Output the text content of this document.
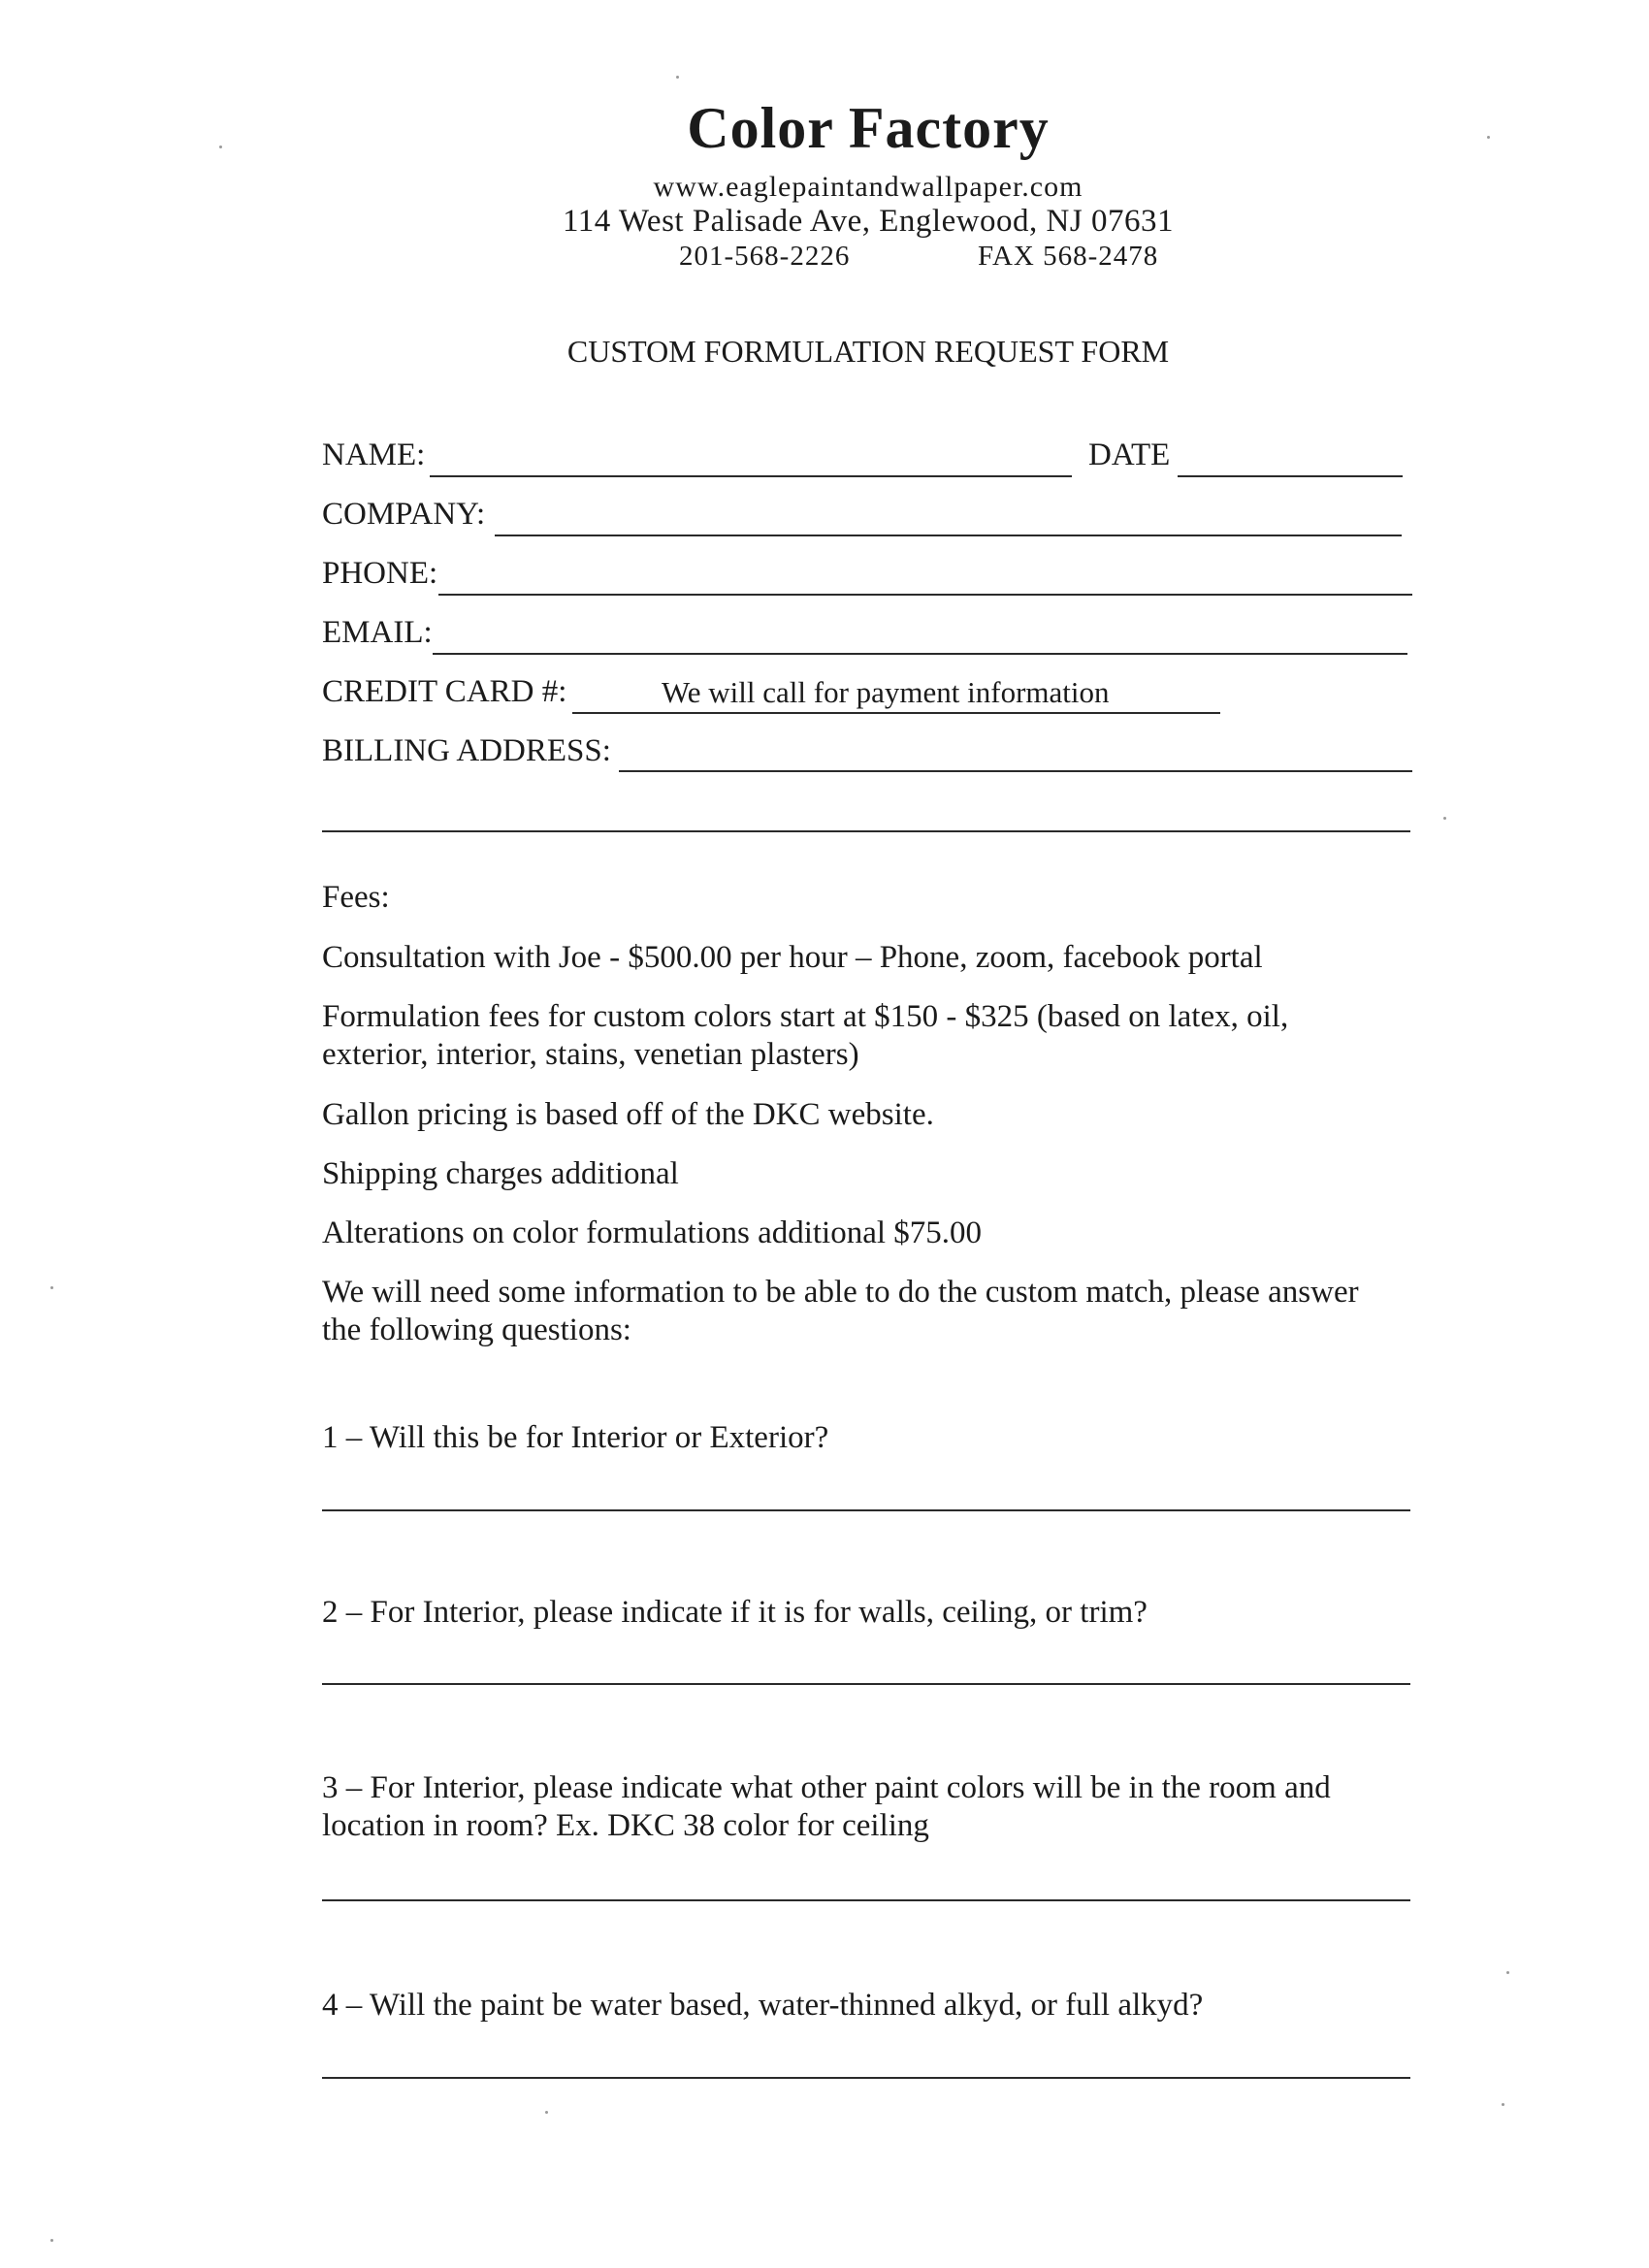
Color Factory
www.eaglepaintandwallpaper.com
114 West Palisade Ave, Englewood, NJ 07631
201-568-2226	FAX 568-2478
CUSTOM FORMULATION REQUEST FORM
NAME:	DATE
COMPANY:
PHONE:
EMAIL:
CREDIT CARD #:	We will call for payment information
BILLING ADDRESS:
Fees:
Consultation with Joe - $500.00 per hour – Phone, zoom, facebook portal
Formulation fees for custom colors start at $150 - $325 (based on latex, oil,
exterior, interior, stains, venetian plasters)
Gallon pricing is based off of the DKC website.
Shipping charges additional
Alterations on color formulations additional $75.00
We will need some information to be able to do the custom match, please answer
the following questions:
1 – Will this be for Interior or Exterior?
2 – For Interior, please indicate if it is for walls, ceiling, or trim?
3 – For Interior, please indicate what other paint colors will be in the room and
location in room? Ex. DKC 38 color for ceiling
4 – Will the paint be water based, water-thinned alkyd, or full alkyd?
